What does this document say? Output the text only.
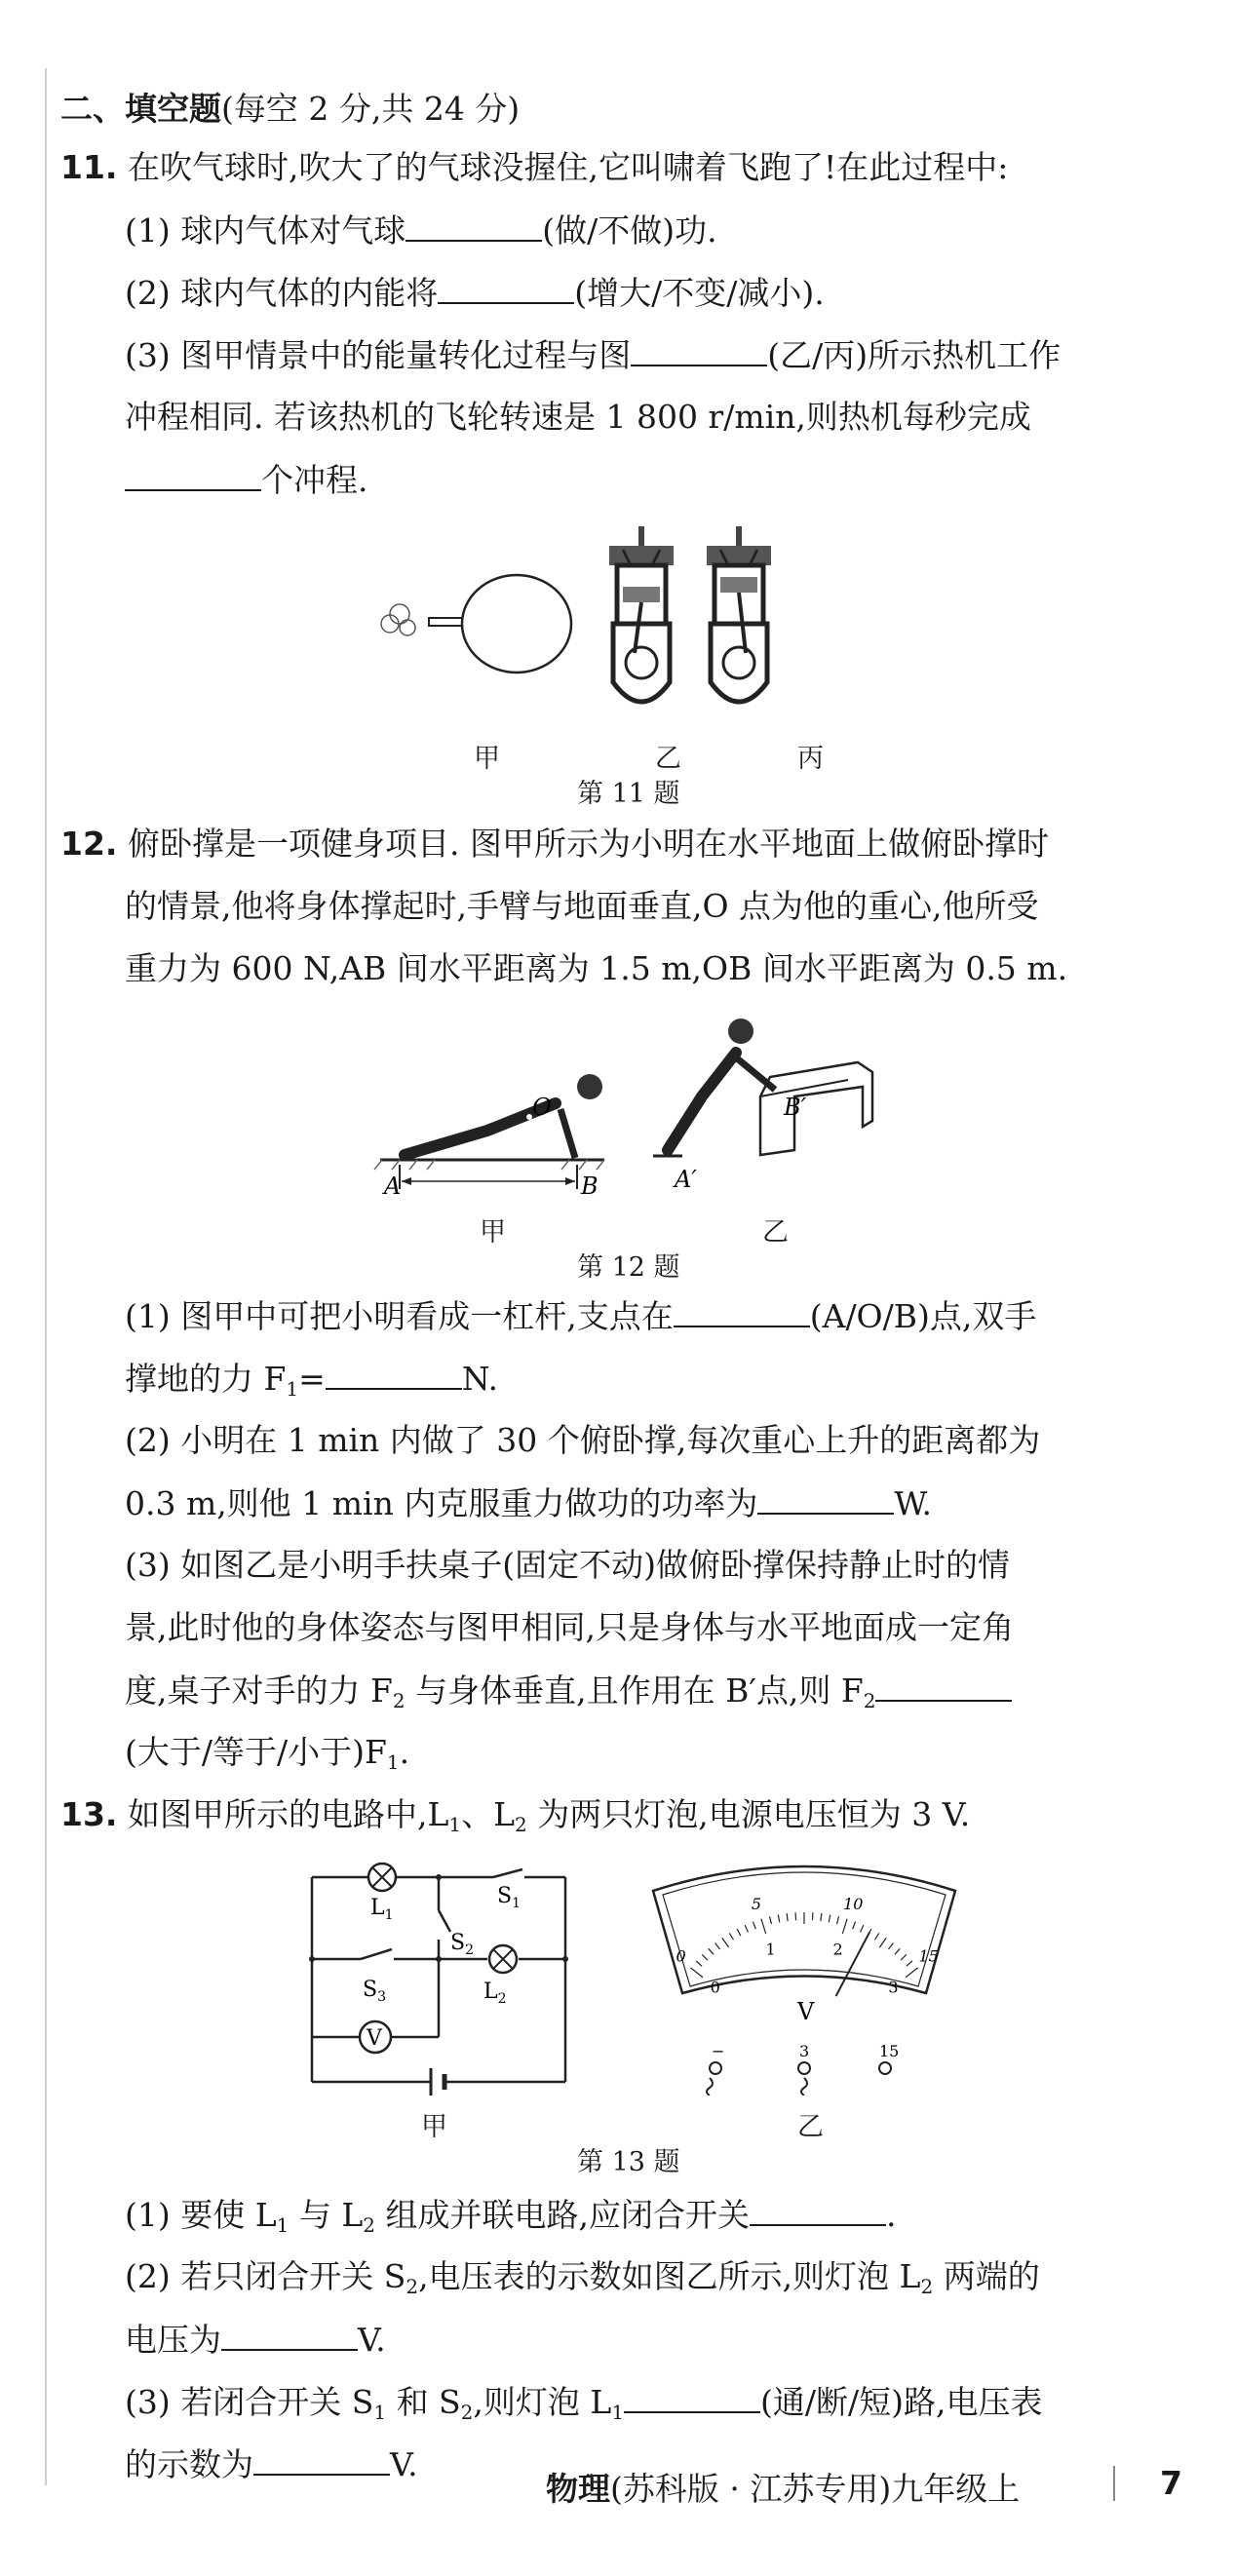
二、填空题(每空 2 分,共 24 分)
11. 在吹气球时,吹大了的气球没握住,它叫啸着飞跑了!在此过程中:
(1) 球内气体对气球	(做/不做)功.
(2) 球内气体的内能将	(增大/不变/减小).
(3) 图甲情景中的能量转化过程与图	(乙/丙)所示热机工作
冲程相同. 若该热机的飞轮转速是 1 800 r/min,则热机每秒完成
个冲程.
甲	乙	丙
第 11 题
12. 俯卧撑是一项健身项目. 图甲所示为小明在水平地面上做俯卧撑时
的情景,他将身体撑起时,手臂与地面垂直,O 点为他的重心,他所受
重力为 600 N,AB 间水平距离为 1.5 m,OB 间水平距离为 0.5 m.
A	B
O
A′
B′
甲	乙
第 12 题
(1) 图甲中可把小明看成一杠杆,支点在	(A/O/B)点,双手
撑地的力 $F_1=$	N.
(2) 小明在 1 min 内做了 30 个俯卧撑,每次重心上升的距离都为
0.3 m,则他 1 min 内克服重力做功的功率为	W.
(3) 如图乙是小明手扶桌子(固定不动)做俯卧撑保持静止时的情
景,此时他的身体姿态与图甲相同,只是身体与水平地面成一定角
度,桌子对手的力 $F_2$ 与身体垂直,且作用在 B′点,则 $F_2$
(大于/等于/小于)$F_1$.
13. 如图甲所示的电路中$,L_1$、$L_2$ 为两只灯泡,电源电压恒为 3 V.
V
$L_1$
$L_2$
$S_1$
$S_2$
$S_3$
0
5	10
15
0
1	2
3
V
−	3	15
甲	乙
第 13 题
(1) 要使 $L_1$ 与 $L_2$ 组成并联电路,应闭合开关	.
(2) 若只闭合开关 $S_2$,电压表的示数如图乙所示,则灯泡 $L_2$ 两端的
电压为	V.
(3) 若闭合开关 $S_1$ 和 $S_2$,则灯泡 $L_1$	(通/断/短)路,电压表
的示数为	V.
物理(苏科版 · 江苏专用)九年级上	7
